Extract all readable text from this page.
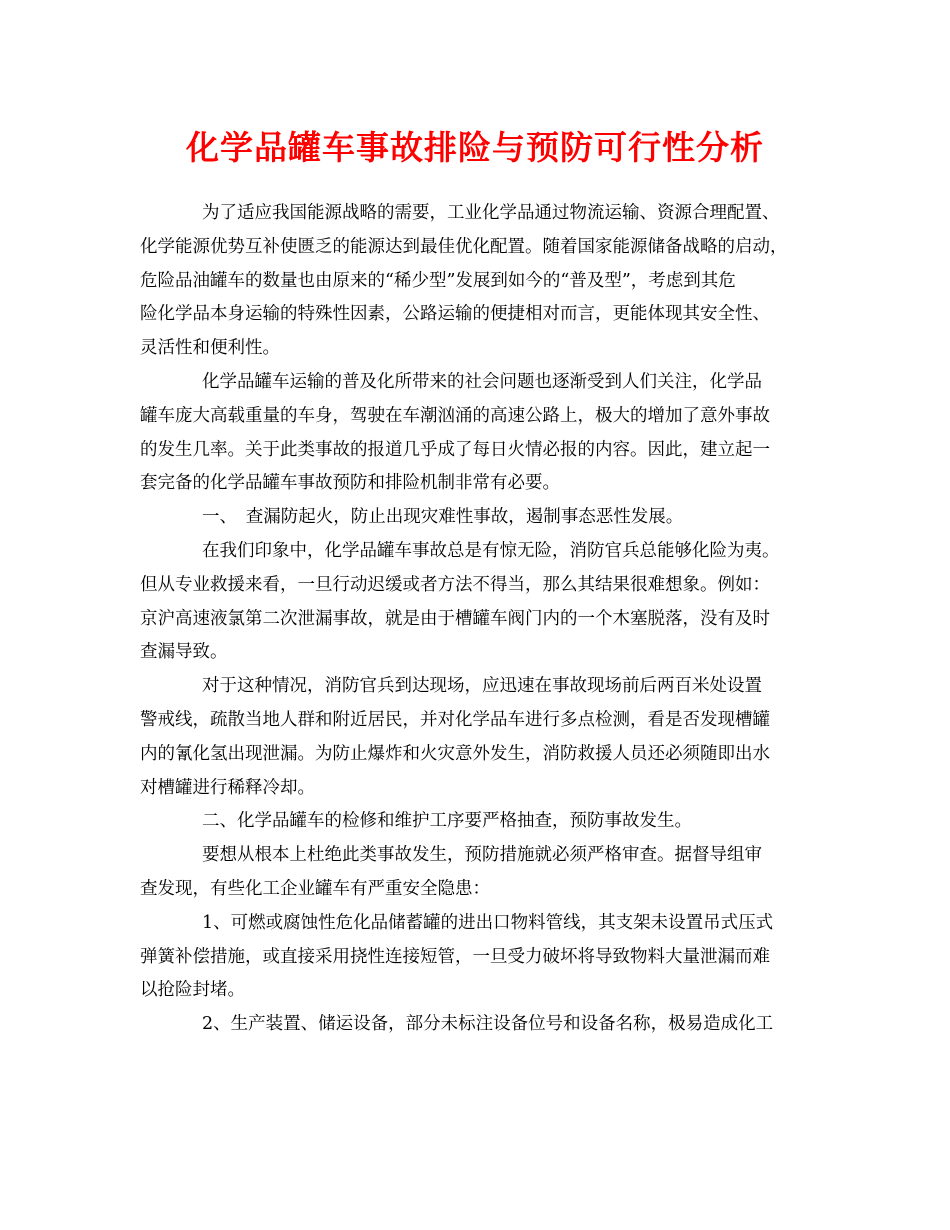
化学品罐车事故排险与预防可行性分析
为了适应我国能源战略的需要，工业化学品通过物流运输、资源合理配置、
化学能源优势互补使匮乏的能源达到最佳优化配置。随着国家能源储备战略的启动，
危险品油罐车的数量也由原来的“稀少型”发展到如今的“普及型”，考虑到其危
险化学品本身运输的特殊性因素，公路运输的便捷相对而言，更能体现其安全性、
灵活性和便利性。
化学品罐车运输的普及化所带来的社会问题也逐渐受到人们关注，化学品
罐车庞大高载重量的车身，驾驶在车潮汹涌的高速公路上，极大的增加了意外事故
的发生几率。关于此类事故的报道几乎成了每日火情必报的内容。因此，建立起一
套完备的化学品罐车事故预防和排险机制非常有必要。
一、　查漏防起火，防止出现灾难性事故，遏制事态恶性发展。
在我们印象中，化学品罐车事故总是有惊无险，消防官兵总能够化险为夷。
但从专业救援来看，一旦行动迟缓或者方法不得当，那么其结果很难想象。例如：
京沪高速液氯第二次泄漏事故，就是由于槽罐车阀门内的一个木塞脱落，没有及时
查漏导致。
对于这种情况，消防官兵到达现场，应迅速在事故现场前后两百米处设置
警戒线，疏散当地人群和附近居民，并对化学品车进行多点检测，看是否发现槽罐
内的氰化氢出现泄漏。为防止爆炸和火灾意外发生，消防救援人员还必须随即出水
对槽罐进行稀释冷却。
二、化学品罐车的检修和维护工序要严格抽查，预防事故发生。
要想从根本上杜绝此类事故发生，预防措施就必须严格审查。据督导组审
查发现，有些化工企业罐车有严重安全隐患：
1、可燃或腐蚀性危化品储蓄罐的进出口物料管线，其支架未设置吊式压式
弹簧补偿措施，或直接采用挠性连接短管，一旦受力破坏将导致物料大量泄漏而难
以抢险封堵。
2、生产装置、储运设备，部分未标注设备位号和设备名称，极易造成化工
